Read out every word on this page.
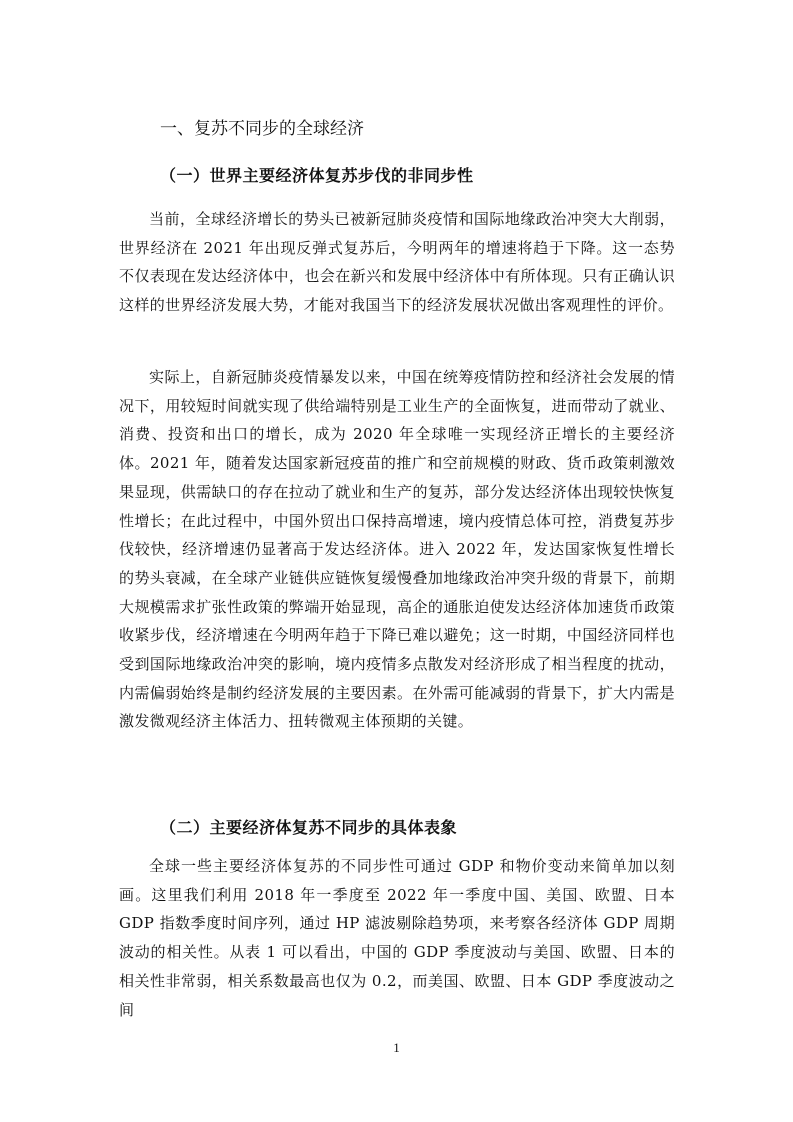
一、复苏不同步的全球经济
（一）世界主要经济体复苏步伐的非同步性

当前，全球经济增长的势头已被新冠肺炎疫情和国际地缘政治冲突大大削弱，世界经济在 2021 年出现反弹式复苏后，今明两年的增速将趋于下降。这一态势不仅表现在发达经济体中，也会在新兴和发展中经济体中有所体现。只有正确认识这样的世界经济发展大势，才能对我国当下的经济发展状况做出客观理性的评价。

实际上，自新冠肺炎疫情暴发以来，中国在统筹疫情防控和经济社会发展的情况下，用较短时间就实现了供给端特别是工业生产的全面恢复，进而带动了就业、消费、投资和出口的增长，成为 2020 年全球唯一实现经济正增长的主要经济体。2021 年，随着发达国家新冠疫苗的推广和空前规模的财政、货币政策刺激效果显现，供需缺口的存在拉动了就业和生产的复苏，部分发达经济体出现较快恢复性增长；在此过程中，中国外贸出口保持高增速，境内疫情总体可控，消费复苏步伐较快，经济增速仍显著高于发达经济体。进入 2022 年，发达国家恢复性增长的势头衰减，在全球产业链供应链恢复缓慢叠加地缘政治冲突升级的背景下，前期大规模需求扩张性政策的弊端开始显现，高企的通胀迫使发达经济体加速货币政策收紧步伐，经济增速在今明两年趋于下降已难以避免；这一时期，中国经济同样也受到国际地缘政治冲突的影响，境内疫情多点散发对经济形成了相当程度的扰动，内需偏弱始终是制约经济发展的主要因素。在外需可能减弱的背景下，扩大内需是激发微观经济主体活力、扭转微观主体预期的关键。

（二）主要经济体复苏不同步的具体表象

全球一些主要经济体复苏的不同步性可通过 GDP 和物价变动来简单加以刻画。这里我们利用 2018 年一季度至 2022 年一季度中国、美国、欧盟、日本 GDP 指数季度时间序列，通过 HP 滤波剔除趋势项，来考察各经济体 GDP 周期波动的相关性。从表 1 可以看出，中国的 GDP 季度波动与美国、欧盟、日本的相关性非常弱，相关系数最高也仅为 0.2，而美国、欧盟、日本 GDP 季度波动之间

1
